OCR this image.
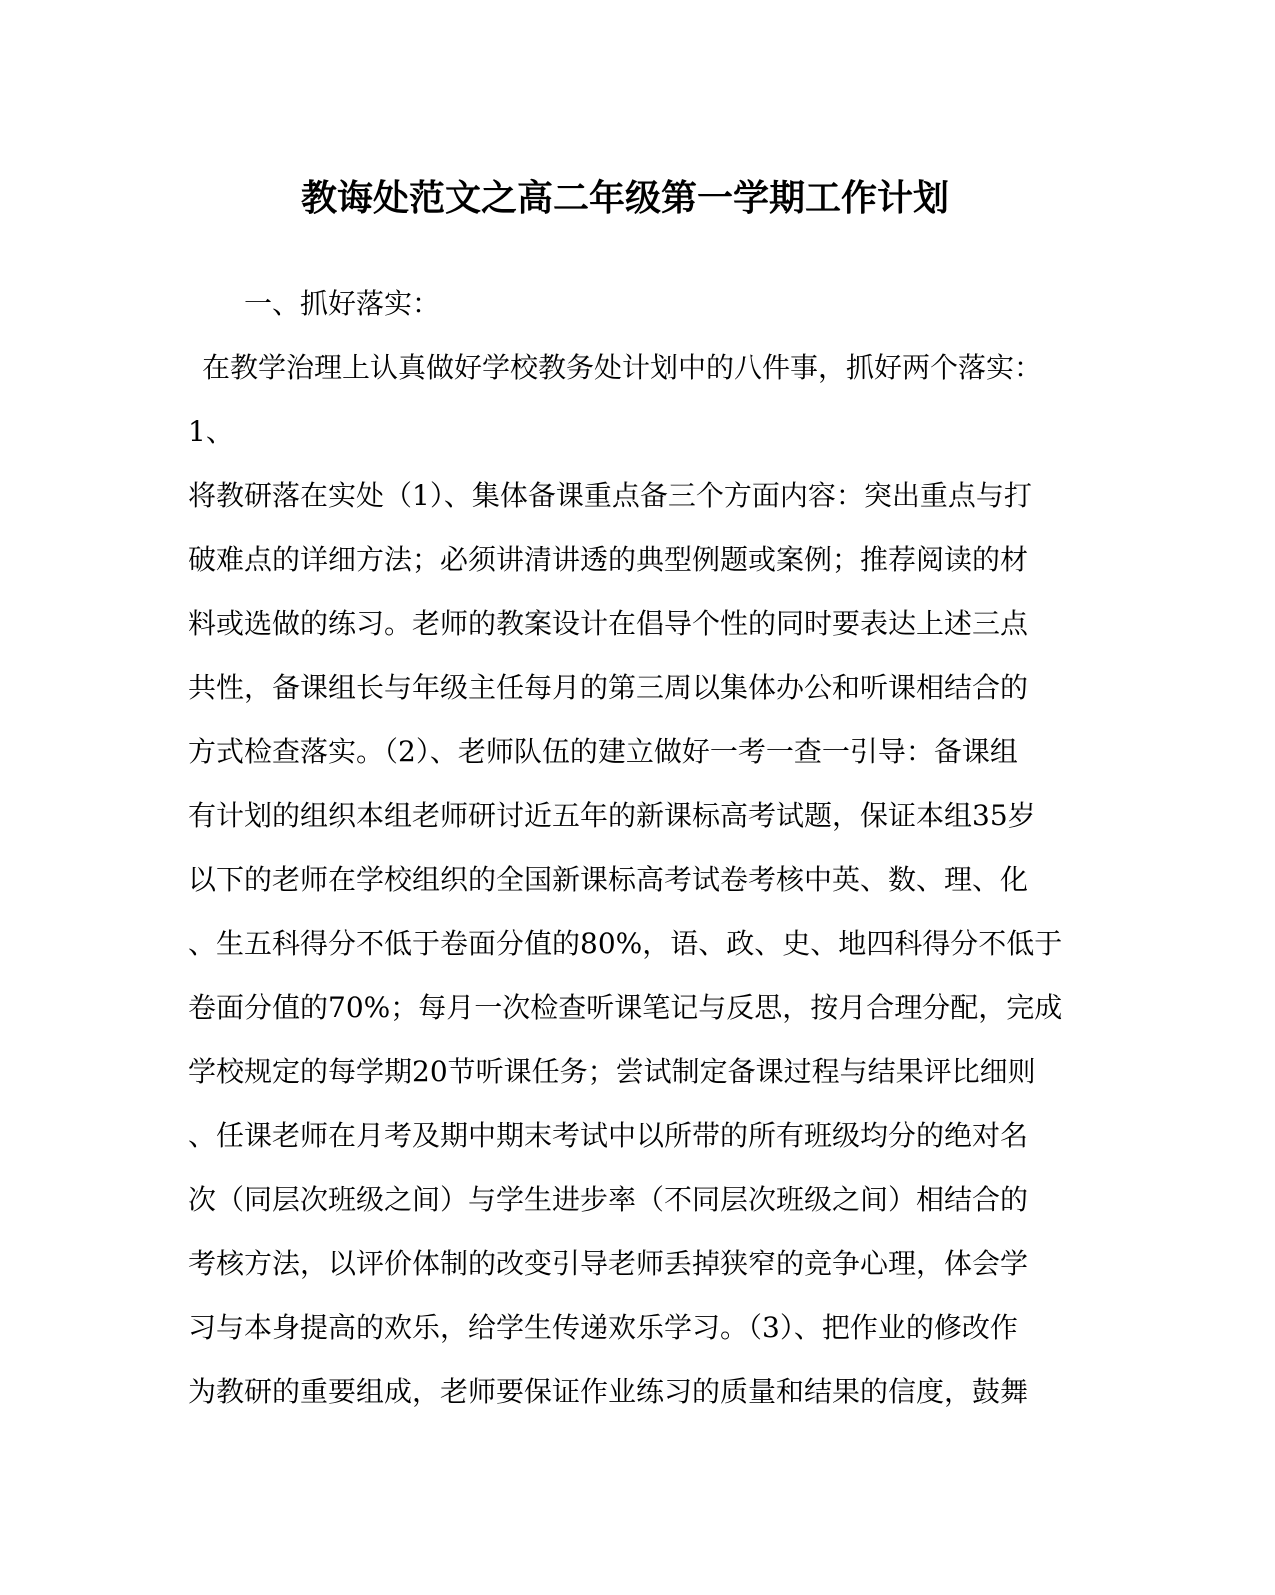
教诲处范文之高二年级第一学期工作计划
一、抓好落实：
在教学治理上认真做好学校教务处计划中的八件事，抓好两个落实：
1、
将教研落在实处（1）、集体备课重点备三个方面内容：突出重点与打
破难点的详细方法；必须讲清讲透的典型例题或案例；推荐阅读的材
料或选做的练习。老师的教案设计在倡导个性的同时要表达上述三点
共性，备课组长与年级主任每月的第三周以集体办公和听课相结合的
方式检查落实。（2）、老师队伍的建立做好一考一查一引导：备课组
有计划的组织本组老师研讨近五年的新课标高考试题，保证本组35岁
以下的老师在学校组织的全国新课标高考试卷考核中英、数、理、化
、生五科得分不低于卷面分值的80%，语、政、史、地四科得分不低于
卷面分值的70%；每月一次检查听课笔记与反思，按月合理分配，完成
学校规定的每学期20节听课任务；尝试制定备课过程与结果评比细则
、任课老师在月考及期中期末考试中以所带的所有班级均分的绝对名
次（同层次班级之间）与学生进步率（不同层次班级之间）相结合的
考核方法，以评价体制的改变引导老师丢掉狭窄的竞争心理，体会学
习与本身提高的欢乐，给学生传递欢乐学习。（3）、把作业的修改作
为教研的重要组成，老师要保证作业练习的质量和结果的信度，鼓舞
